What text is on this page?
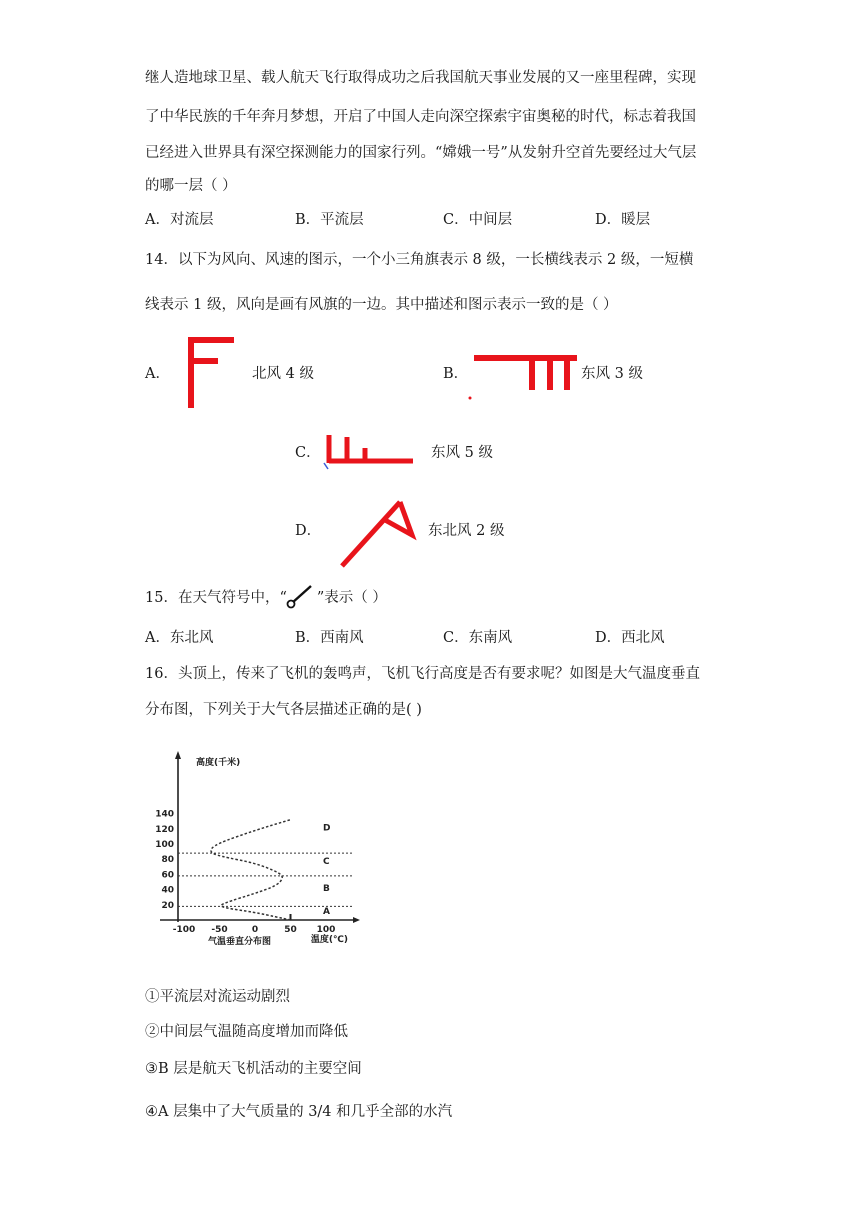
继人造地球卫星、载人航天飞行取得成功之后我国航天事业发展的又一座里程碑，实现
了中华民族的千年奔月梦想，开启了中国人走向深空探索宇宙奥秘的时代，标志着我国
已经进入世界具有深空探测能力的国家行列。“嫦娥一号”从发射升空首先要经过大气层
的哪一层（ ）
A．对流层	B．平流层	C．中间层	D．暖层
14．以下为风向、风速的图示，一个小三角旗表示 8 级，一长横线表示 2 级，一短横
线表示 1 级，风向是画有风旗的一边。其中描述和图示表示一致的是（ ）
A．	北风 4 级	B．	东风 3 级
C．	东风 5 级
D．	东北风 2 级
15．在天气符号中，“ ”表示（ ）
A．东北风	B．西南风	C．东南风	D．西北风
16．头顶上，传来了飞机的轰鸣声，飞机飞行高度是否有要求呢？如图是大气温度垂直
分布图，下列关于大气各层描述正确的是( )
20
40
60
80
100
120
140
-100 -50	0	50 100
高度(千米)
温度(℃)
气温垂直分布图
A
B
C
D
①平流层对流运动剧烈
②中间层气温随高度增加而降低
③B 层是航天飞机活动的主要空间
④A 层集中了大气质量的 3/4 和几乎全部的水汽
